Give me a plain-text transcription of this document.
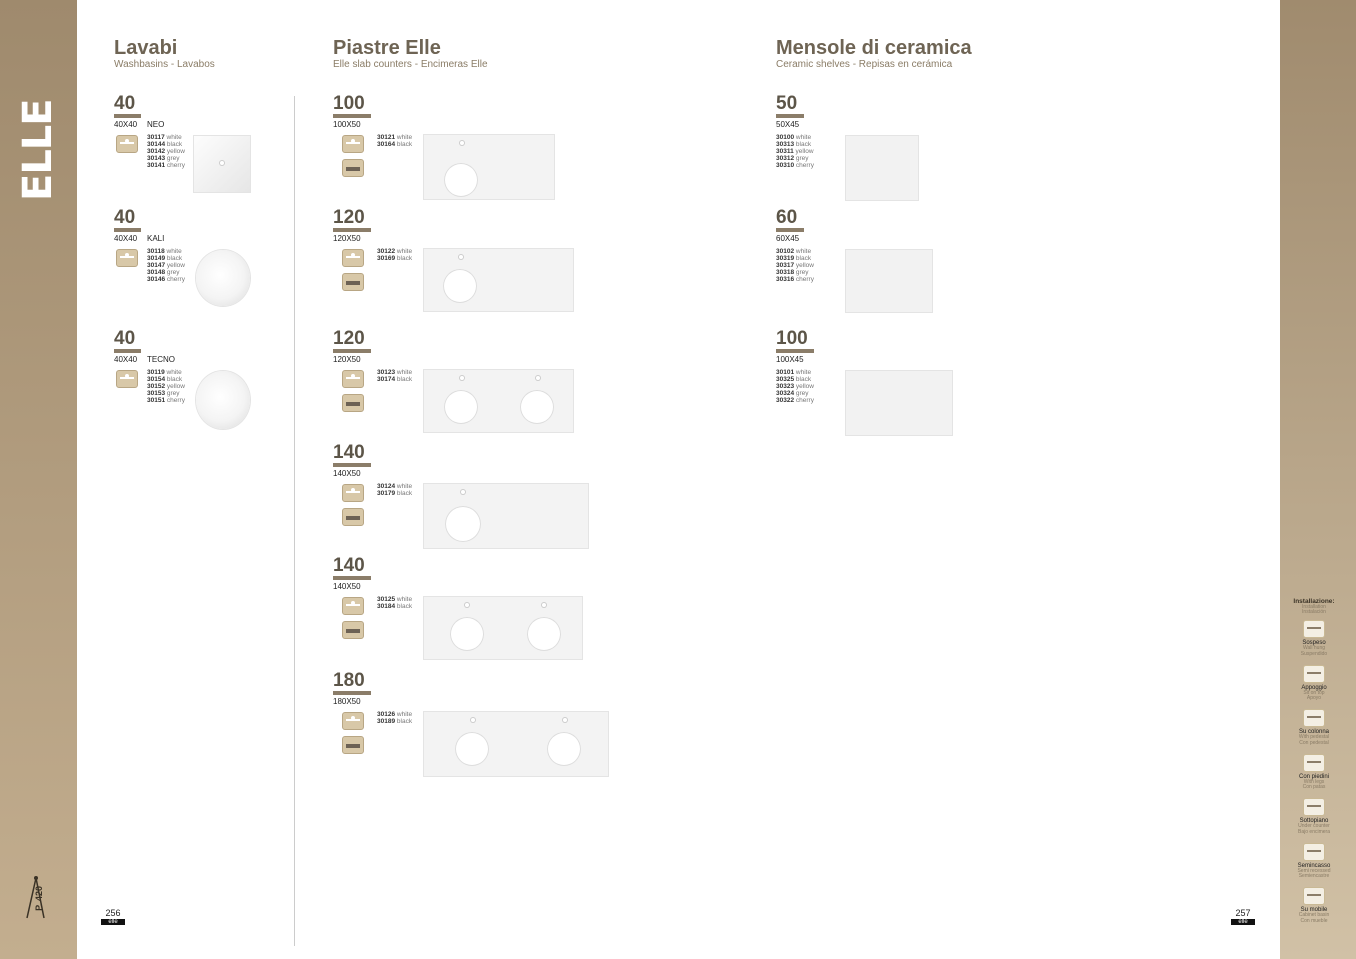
ELLE
P. 420
Lavabi
Washbasins - Lavabos
Piastre Elle
Elle slab counters - Encimeras Elle
Mensole di ceramica
Ceramic shelves - Repisas en cerámica
40
40X40 NEO
30117 white
30144 black
30142 yellow
30143 grey
30141 cherry
40
40X40 KALI
30118 white
30149 black
30147 yellow
30148 grey
30146 cherry
40
40X40 TECNO
30119 white
30154 black
30152 yellow
30153 grey
30151 cherry
100
100X50
30121 white
30164 black
120
120X50
30122 white
30169 black
120
120X50
30123 white
30174 black
140
140X50
30124 white
30179 black
140
140X50
30125 white
30184 black
180
180X50
30126 white
30189 black
50
50X45
30100 white
30313 black
30311 yellow
30312 grey
30310 cherry
60
60X45
30102 white
30319 black
30317 yellow
30318 grey
30316 cherry
100
100X45
30101 white
30325 black
30323 yellow
30324 grey
30322 cherry
256
elle
257
elle
Installazione:
Installation
Instalación
Sospeso
Wall hung
Suspendido
Appoggio
Sit on top
Apoyo
Su colonna
With pedestal
Con pedestal
Con piedini
With legs
Con patas
Sottopiano
Under counter
Bajo encimera
Semincasso
Semi recessed
Semiencastre
Su mobile
Cabinet basin
Con mueble
